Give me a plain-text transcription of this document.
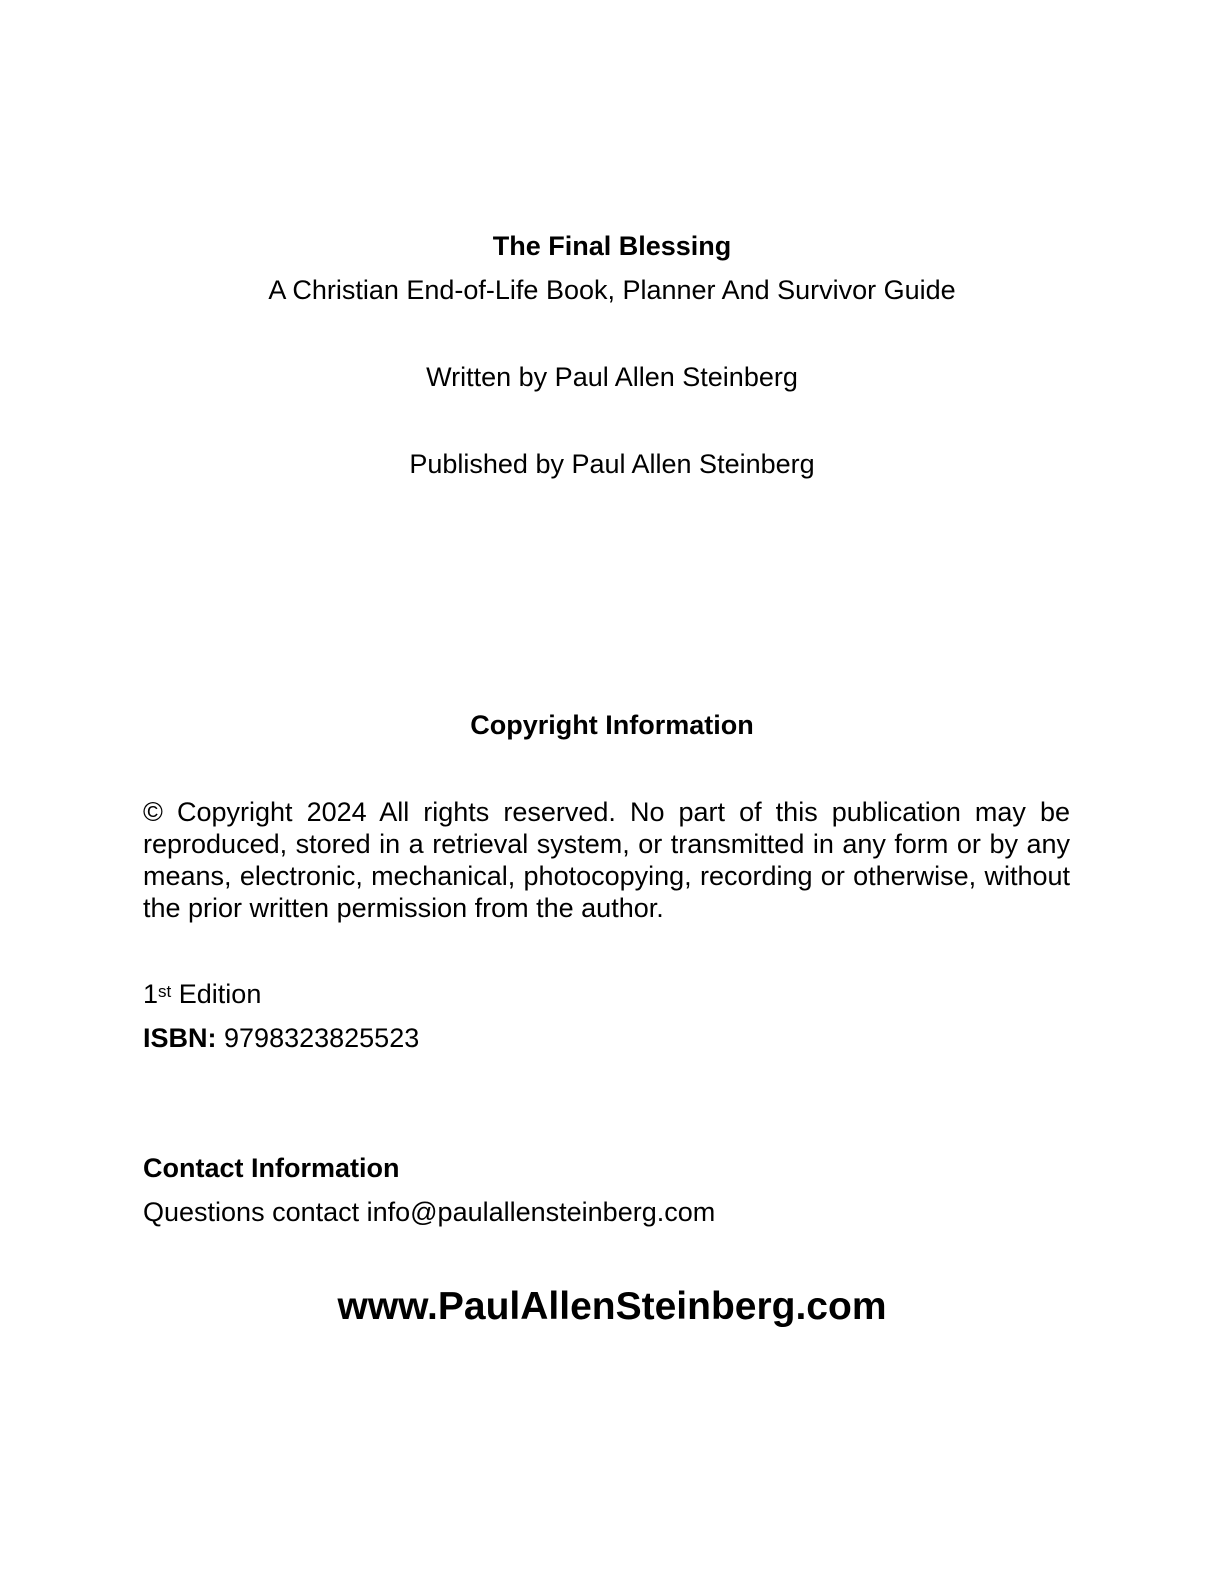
The Final Blessing
A Christian End-of-Life Book, Planner And Survivor Guide
Written by Paul Allen Steinberg
Published by Paul Allen Steinberg
Copyright Information
© Copyright 2024 All rights reserved. No part of this publication may be reproduced, stored in a retrieval system, or transmitted in any form or by any means, electronic, mechanical, photocopying, recording or otherwise, without the prior written permission from the author.
1st Edition
ISBN: 9798323825523
Contact Information
Questions contact info@paulallensteinberg.com
www.PaulAllenSteinberg.com
